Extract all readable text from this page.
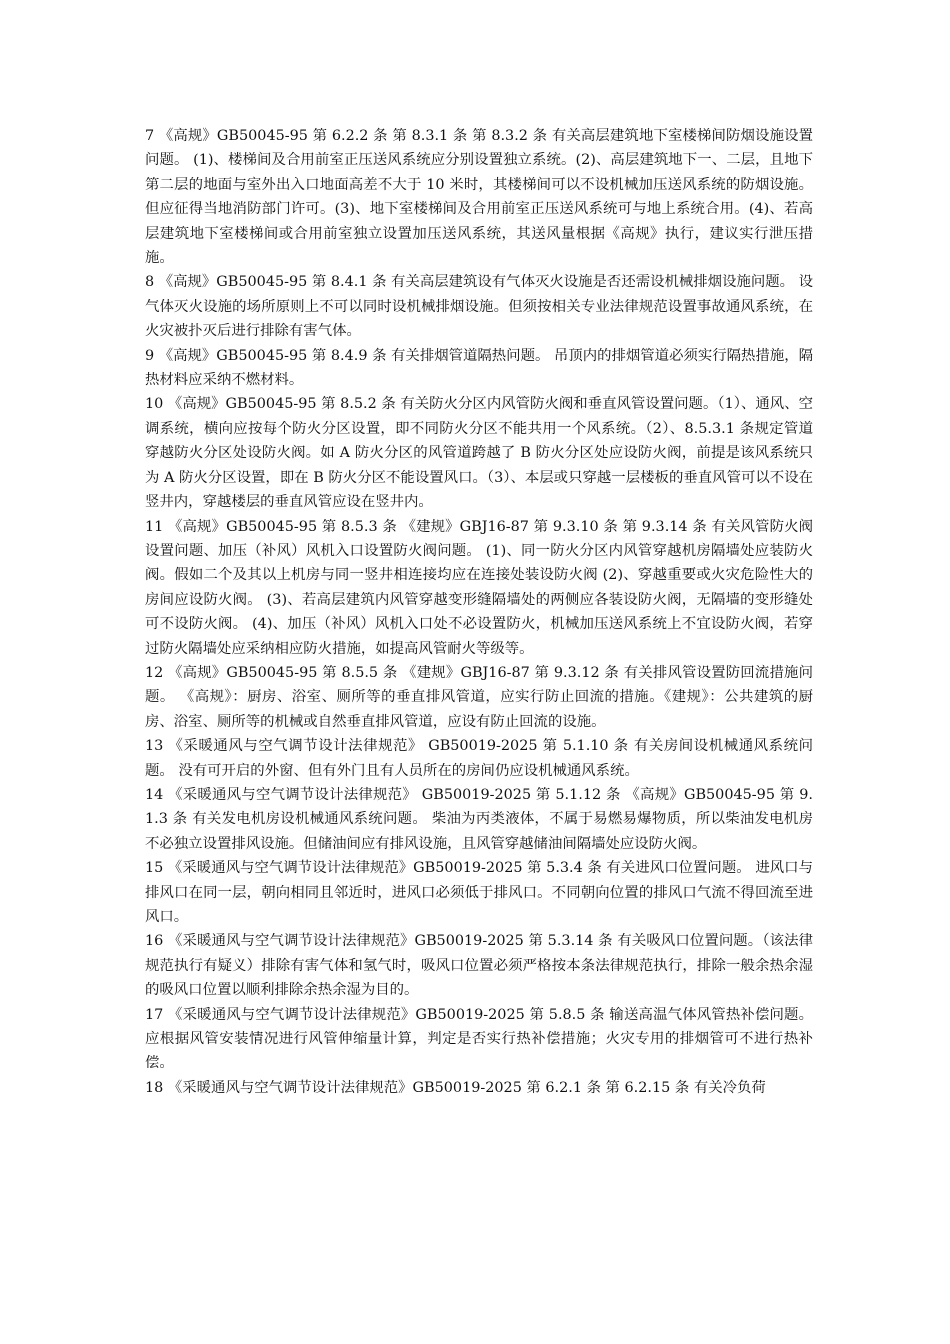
7 《高规》GB50045-95 第 6.2.2 条 第 8.3.1 条 第 8.3.2 条 有关高层建筑地下室楼梯间防烟设施设置问题。 (1)、楼梯间及合用前室正压送风系统应分别设置独立系统。(2)、高层建筑地下一、二层，且地下第二层的地面与室外出入口地面高差不大于 10 米时，其楼梯间可以不设机械加压送风系统的防烟设施。但应征得当地消防部门许可。(3)、地下室楼梯间及合用前室正压送风系统可与地上系统合用。(4)、若高层建筑地下室楼梯间或合用前室独立设置加压送风系统，其送风量根据《高规》执行，建议实行泄压措施。

8 《高规》GB50045-95 第 8.4.1 条 有关高层建筑设有气体灭火设施是否还需设机械排烟设施问题。 设气体灭火设施的场所原则上不可以同时设机械排烟设施。但须按相关专业法律规范设置事故通风系统，在火灾被扑灭后进行排除有害气体。

9 《高规》GB50045-95 第 8.4.9 条 有关排烟管道隔热问题。 吊顶内的排烟管道必须实行隔热措施，隔热材料应采纳不燃材料。

10 《高规》GB50045-95 第 8.5.2 条 有关防火分区内风管防火阀和垂直风管设置问题。（1）、通风、空调系统，横向应按每个防火分区设置，即不同防火分区不能共用一个风系统。（2）、8.5.3.1 条规定管道穿越防火分区处设防火阀。如 A 防火分区的风管道跨越了 B 防火分区处应设防火阀，前提是该风系统只为 A 防火分区设置，即在 B 防火分区不能设置风口。（3）、本层或只穿越一层楼板的垂直风管可以不设在竖井内，穿越楼层的垂直风管应设在竖井内。

11 《高规》GB50045-95 第 8.5.3 条 《建规》GBJ16-87 第 9.3.10 条 第 9.3.14 条 有关风管防火阀设置问题、加压（补风）风机入口设置防火阀问题。 (1)、同一防火分区内风管穿越机房隔墙处应装防火阀。假如二个及其以上机房与同一竖井相连接均应在连接处装设防火阀 (2)、穿越重要或火灾危险性大的房间应设防火阀。 (3)、若高层建筑内风管穿越变形缝隔墙处的两侧应各装设防火阀，无隔墙的变形缝处可不设防火阀。 (4)、加压（补风）风机入口处不必设置防火，机械加压送风系统上不宜设防火阀，若穿过防火隔墙处应采纳相应防火措施，如提高风管耐火等级等。

12 《高规》GB50045-95 第 8.5.5 条 《建规》GBJ16-87 第 9.3.12 条 有关排风管设置防回流措施问题。 《高规》：厨房、浴室、厕所等的垂直排风管道，应实行防止回流的措施。《建规》：公共建筑的厨房、浴室、厕所等的机械或自然垂直排风管道，应设有防止回流的设施。

13 《采暖通风与空气调节设计法律规范》 GB50019-2025 第 5.1.10 条 有关房间设机械通风系统问题。 没有可开启的外窗、但有外门且有人员所在的房间仍应设机械通风系统。

14 《采暖通风与空气调节设计法律规范》 GB50019-2025 第 5.1.12 条 《高规》GB50045-95 第 9.1.3 条 有关发电机房设机械通风系统问题。 柴油为丙类液体，不属于易燃易爆物质，所以柴油发电机房不必独立设置排风设施。但储油间应有排风设施，且风管穿越储油间隔墙处应设防火阀。

15 《采暖通风与空气调节设计法律规范》GB50019-2025 第 5.3.4 条 有关进风口位置问题。 进风口与排风口在同一层，朝向相同且邻近时，进风口必须低于排风口。不同朝向位置的排风口气流不得回流至进风口。

16 《采暖通风与空气调节设计法律规范》GB50019-2025 第 5.3.14 条 有关吸风口位置问题。（该法律规范执行有疑义）排除有害气体和氢气时，吸风口位置必须严格按本条法律规范执行，排除一般余热余湿的吸风口位置以顺利排除余热余湿为目的。

17 《采暖通风与空气调节设计法律规范》GB50019-2025 第 5.8.5 条 输送高温气体风管热补偿问题。 应根据风管安装情况进行风管伸缩量计算，判定是否实行热补偿措施；火灾专用的排烟管可不进行热补偿。

18 《采暖通风与空气调节设计法律规范》GB50019-2025 第 6.2.1 条 第 6.2.15 条 有关冷负荷
